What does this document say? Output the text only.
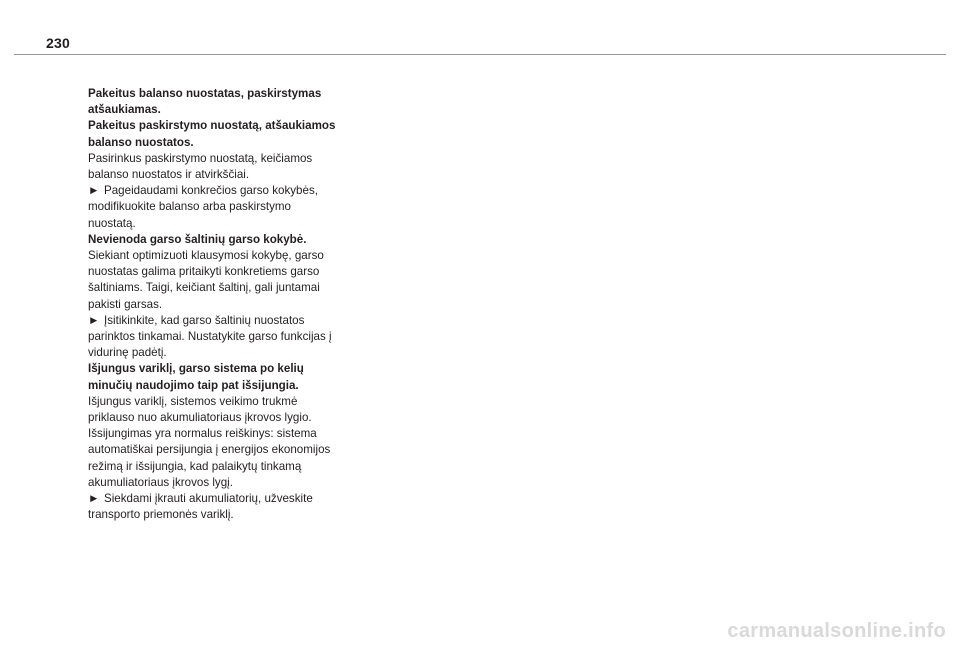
230
Pakeitus balanso nuostatas, paskirstymas
atšaukiamas.
Pakeitus paskirstymo nuostatą, atšaukiamos
balanso nuostatos.
Pasirinkus paskirstymo nuostatą, keičiamos
balanso nuostatos ir atvirkščiai.
► Pageidaudami konkrečios garso kokybės,
modifikuokite balanso arba paskirstymo
nuostatą.
Nevienoda garso šaltinių garso kokybė.
Siekiant optimizuoti klausymosi kokybę, garso
nuostatas galima pritaikyti konkretiems garso
šaltiniams. Taigi, keičiant šaltinį, gali juntamai
pakisti garsas.
► Įsitikinkite, kad garso šaltinių nuostatos
parinktos tinkamai. Nustatykite garso funkcijas į
vidurinę padėtį.
Išjungus variklį, garso sistema po kelių
minučių naudojimo taip pat išsijungia.
Išjungus variklį, sistemos veikimo trukmė
priklauso nuo akumuliatoriaus įkrovos lygio.
Išsijungimas yra normalus reiškinys: sistema
automatiškai persijungia į energijos ekonomijos
režimą ir išsijungia, kad palaikytų tinkamą
akumuliatoriaus įkrovos lygį.
► Siekdami įkrauti akumuliatorių, užveskite
transporto priemonės variklį.
carmanualsonline.info
